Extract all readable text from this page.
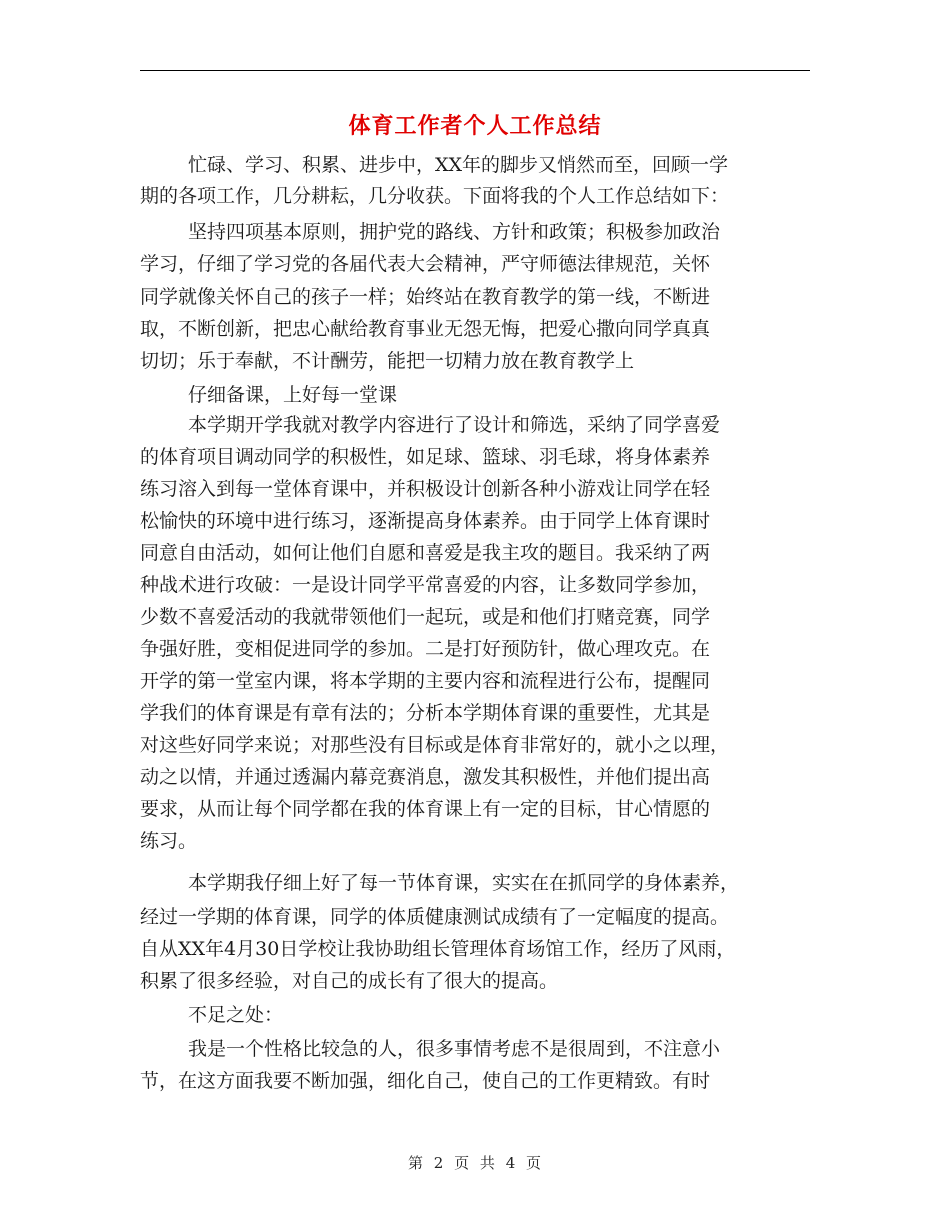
体育工作者个人工作总结
忙碌、学习、积累、进步中，XX年的脚步又悄然而至，回顾一学
期的各项工作，几分耕耘，几分收获。下面将我的个人工作总结如下：
坚持四项基本原则，拥护党的路线、方针和政策；积极参加政治
学习，仔细了学习党的各届代表大会精神，严守师德法律规范，关怀
同学就像关怀自己的孩子一样；始终站在教育教学的第一线，不断进
取，不断创新，把忠心献给教育事业无怨无悔，把爱心撒向同学真真
切切；乐于奉献，不计酬劳，能把一切精力放在教育教学上
仔细备课，上好每一堂课
本学期开学我就对教学内容进行了设计和筛选，采纳了同学喜爱
的体育项目调动同学的积极性，如足球、篮球、羽毛球，将身体素养
练习溶入到每一堂体育课中，并积极设计创新各种小游戏让同学在轻
松愉快的环境中进行练习，逐渐提高身体素养。由于同学上体育课时
同意自由活动，如何让他们自愿和喜爱是我主攻的题目。我采纳了两
种战术进行攻破：一是设计同学平常喜爱的内容，让多数同学参加，
少数不喜爱活动的我就带领他们一起玩，或是和他们打赌竞赛，同学
争强好胜，变相促进同学的参加。二是打好预防针，做心理攻克。在
开学的第一堂室内课，将本学期的主要内容和流程进行公布，提醒同
学我们的体育课是有章有法的；分析本学期体育课的重要性，尤其是
对这些好同学来说；对那些没有目标或是体育非常好的，就小之以理，
动之以情，并通过透漏内幕竞赛消息，激发其积极性，并他们提出高
要求，从而让每个同学都在我的体育课上有一定的目标，甘心情愿的
练习。
本学期我仔细上好了每一节体育课，实实在在抓同学的身体素养，
经过一学期的体育课，同学的体质健康测试成绩有了一定幅度的提高。
自从XX年4月30日学校让我协助组长管理体育场馆工作，经历了风雨，
积累了很多经验，对自己的成长有了很大的提高。
不足之处：
我是一个性格比较急的人，很多事情考虑不是很周到，不注意小
节，在这方面我要不断加强，细化自己，使自己的工作更精致。有时
第 2 页 共 4 页
